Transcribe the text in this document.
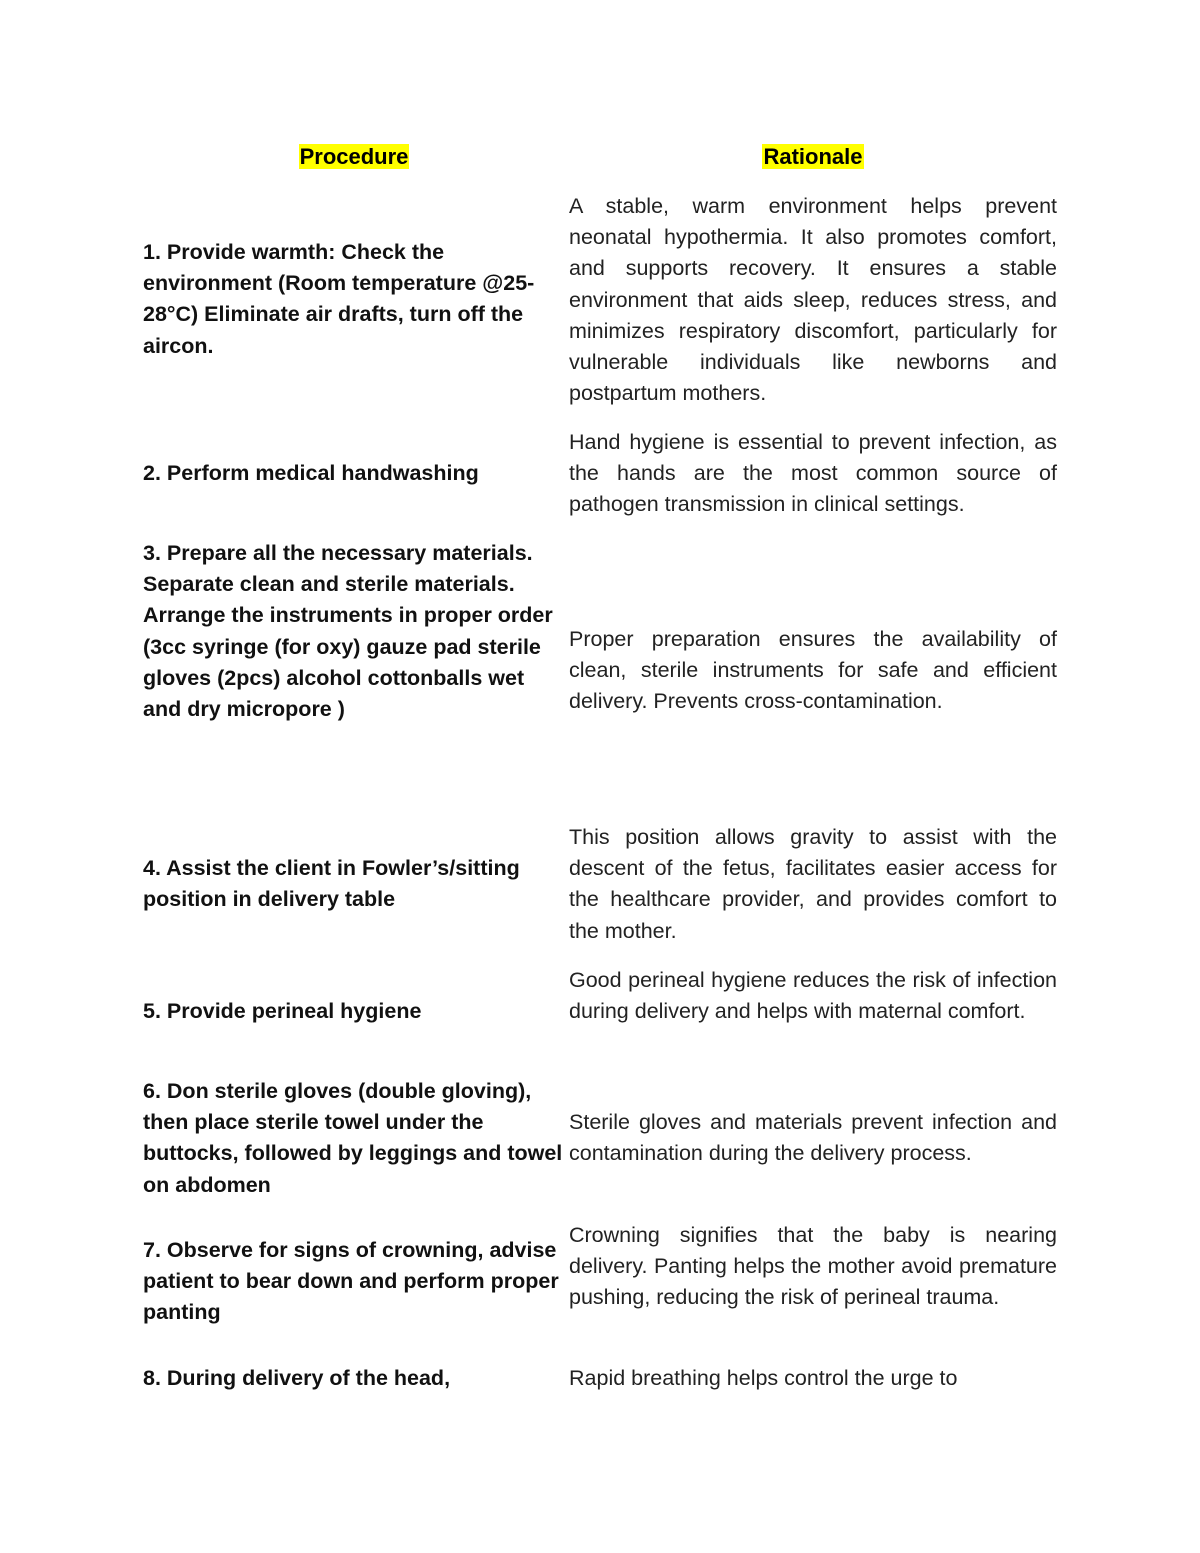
Procedure	Rationale

1. Provide warmth: Check the environment (Room temperature @25-28°C) Eliminate air drafts, turn off the aircon.

A stable, warm environment helps prevent neonatal hypothermia. It also promotes comfort, and supports recovery. It ensures a stable environment that aids sleep, reduces stress, and minimizes respiratory discomfort, particularly for vulnerable individuals like newborns and postpartum mothers.

2. Perform medical handwashing

Hand hygiene is essential to prevent infection, as the hands are the most common source of pathogen transmission in clinical settings.

3. Prepare all the necessary materials. Separate clean and sterile materials. Arrange the instruments in proper order (3cc syringe (for oxy) gauze pad sterile gloves (2pcs) alcohol cottonballs wet and dry micropore )

Proper preparation ensures the availability of clean, sterile instruments for safe and efficient delivery. Prevents cross-contamination.

4. Assist the client in Fowler’s/sitting position in delivery table

This position allows gravity to assist with the descent of the fetus, facilitates easier access for the healthcare provider, and provides comfort to the mother.

5. Provide perineal hygiene

Good perineal hygiene reduces the risk of infection during delivery and helps with maternal comfort.

6. Don sterile gloves (double gloving), then place sterile towel under the buttocks, followed by leggings and towel on abdomen

Sterile gloves and materials prevent infection and contamination during the delivery process.

7. Observe for signs of crowning, advise patient to bear down and perform proper panting

Crowning signifies that the baby is nearing delivery. Panting helps the mother avoid premature pushing, reducing the risk of perineal trauma.

8. During delivery of the head,	Rapid breathing helps control the urge to
